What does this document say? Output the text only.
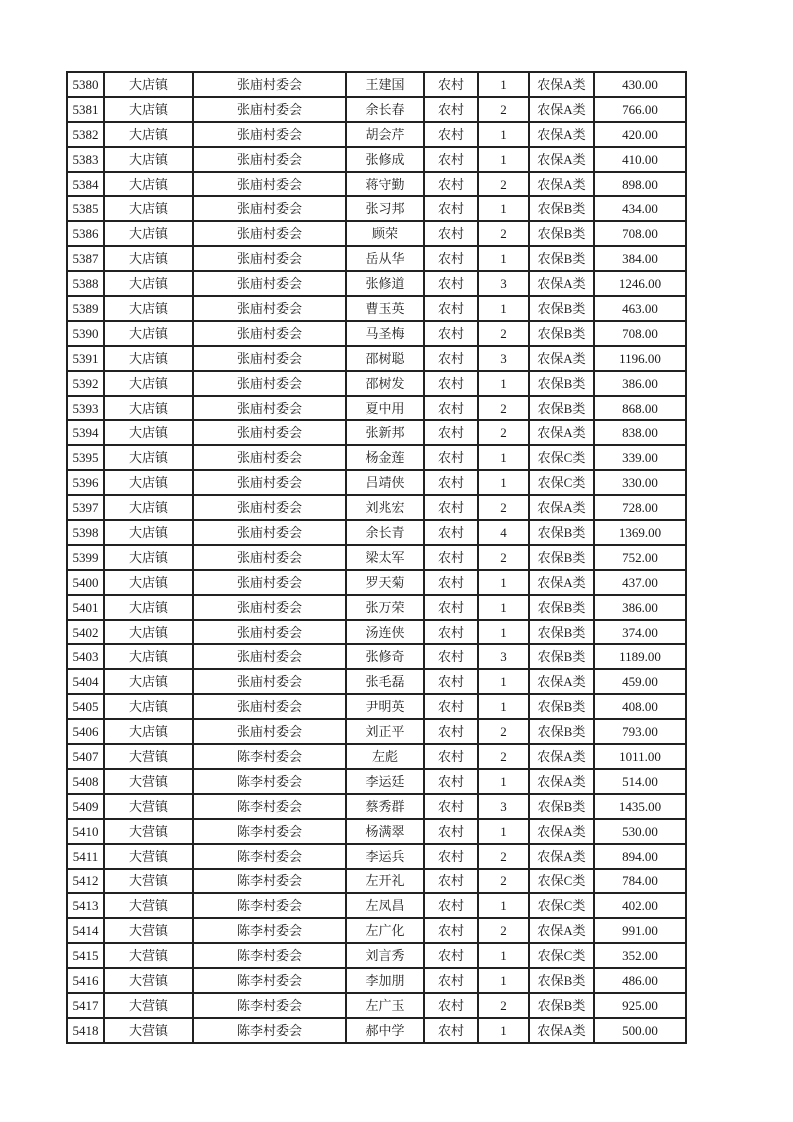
5380	大店镇	张庙村委会	王建国	农村	1	农保A类	430.00
5381	大店镇	张庙村委会	余长春	农村	2	农保A类	766.00
5382	大店镇	张庙村委会	胡会芹	农村	1	农保A类	420.00
5383	大店镇	张庙村委会	张修成	农村	1	农保A类	410.00
5384	大店镇	张庙村委会	蒋守勤	农村	2	农保A类	898.00
5385	大店镇	张庙村委会	张习邦	农村	1	农保B类	434.00
5386	大店镇	张庙村委会	顾荣	农村	2	农保B类	708.00
5387	大店镇	张庙村委会	岳从华	农村	1	农保B类	384.00
5388	大店镇	张庙村委会	张修道	农村	3	农保A类	1246.00
5389	大店镇	张庙村委会	曹玉英	农村	1	农保B类	463.00
5390	大店镇	张庙村委会	马圣梅	农村	2	农保B类	708.00
5391	大店镇	张庙村委会	邵树聪	农村	3	农保A类	1196.00
5392	大店镇	张庙村委会	邵树发	农村	1	农保B类	386.00
5393	大店镇	张庙村委会	夏中用	农村	2	农保B类	868.00
5394	大店镇	张庙村委会	张新邦	农村	2	农保A类	838.00
5395	大店镇	张庙村委会	杨金莲	农村	1	农保C类	339.00
5396	大店镇	张庙村委会	吕靖侠	农村	1	农保C类	330.00
5397	大店镇	张庙村委会	刘兆宏	农村	2	农保A类	728.00
5398	大店镇	张庙村委会	余长青	农村	4	农保B类	1369.00
5399	大店镇	张庙村委会	梁太军	农村	2	农保B类	752.00
5400	大店镇	张庙村委会	罗天菊	农村	1	农保A类	437.00
5401	大店镇	张庙村委会	张万荣	农村	1	农保B类	386.00
5402	大店镇	张庙村委会	汤连侠	农村	1	农保B类	374.00
5403	大店镇	张庙村委会	张修奇	农村	3	农保B类	1189.00
5404	大店镇	张庙村委会	张毛磊	农村	1	农保A类	459.00
5405	大店镇	张庙村委会	尹明英	农村	1	农保B类	408.00
5406	大店镇	张庙村委会	刘正平	农村	2	农保B类	793.00
5407	大营镇	陈李村委会	左彪	农村	2	农保A类	1011.00
5408	大营镇	陈李村委会	李运廷	农村	1	农保A类	514.00
5409	大营镇	陈李村委会	蔡秀群	农村	3	农保B类	1435.00
5410	大营镇	陈李村委会	杨满翠	农村	1	农保A类	530.00
5411	大营镇	陈李村委会	李运兵	农村	2	农保A类	894.00
5412	大营镇	陈李村委会	左开礼	农村	2	农保C类	784.00
5413	大营镇	陈李村委会	左凤昌	农村	1	农保C类	402.00
5414	大营镇	陈李村委会	左广化	农村	2	农保A类	991.00
5415	大营镇	陈李村委会	刘言秀	农村	1	农保C类	352.00
5416	大营镇	陈李村委会	李加朋	农村	1	农保B类	486.00
5417	大营镇	陈李村委会	左广玉	农村	2	农保B类	925.00
5418	大营镇	陈李村委会	郝中学	农村	1	农保A类	500.00
